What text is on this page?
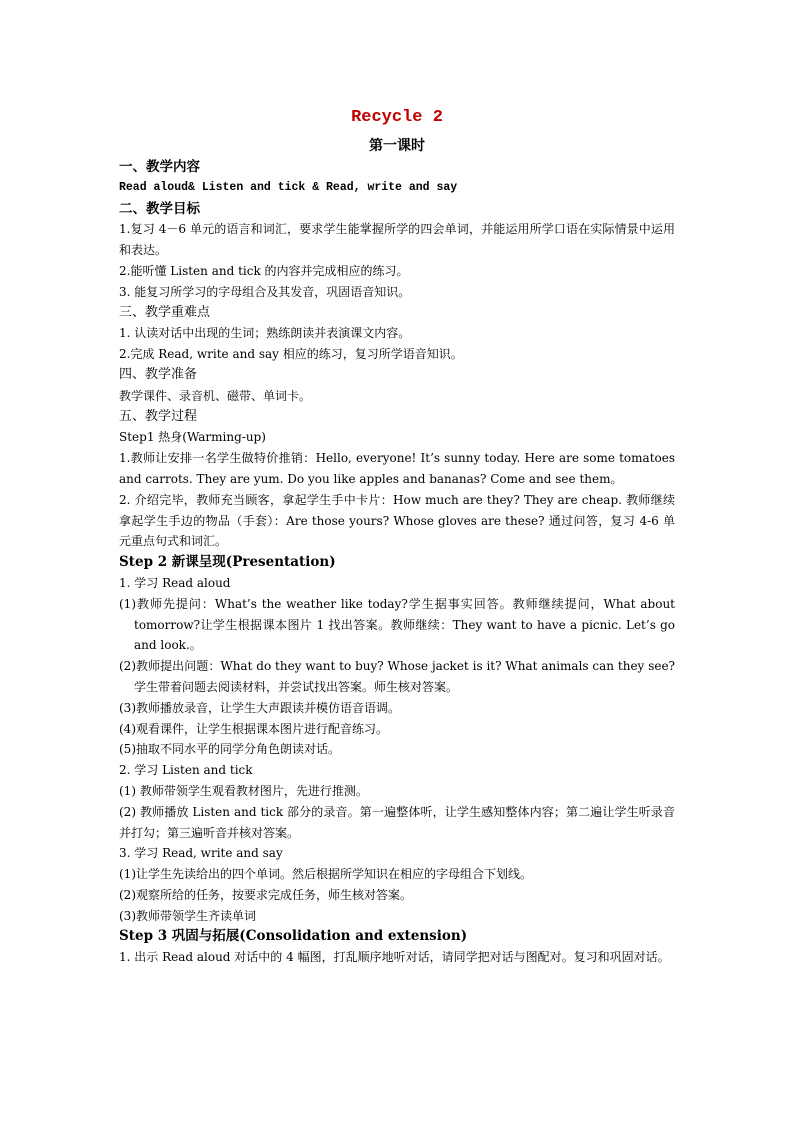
Recycle 2
第一课时

一、教学内容

Read aloud& Listen and tick & Read, write and say

二、教学目标

1.复习 4－6 单元的语言和词汇，要求学生能掌握所学的四会单词，并能运用所学口语在实际情景中运用和表达。

2.能听懂 Listen and tick 的内容并完成相应的练习。

3. 能复习所学习的字母组合及其发音，巩固语音知识。

三、教学重难点

1. 认读对话中出现的生词；熟练朗读并表演课文内容。

2.完成 Read, write and say 相应的练习，复习所学语音知识。

四、教学准备

教学课件、录音机、磁带、单词卡。

五、教学过程

Step1 热身(Warming-up)

1.教师让安排一名学生做特价推销：Hello, everyone! It’s sunny today. Here are some tomatoes and carrots. They are yum. Do you like apples and bananas? Come and see them。

2. 介绍完毕，教师充当顾客，拿起学生手中卡片：How much are they? They are cheap. 教师继续拿起学生手边的物品（手套）：Are those yours? Whose gloves are these? 通过问答，复习 4-6 单元重点句式和词汇。

Step 2 新课呈现(Presentation)

1. 学习 Read aloud

(1)教师先提问：What’s the weather like today?学生据事实回答。教师继续提问，What about tomorrow?让学生根据课本图片 1 找出答案。教师继续：They want to have a picnic. Let’s go and look.。

(2)教师提出问题：What do they want to buy? Whose jacket is it? What animals can they see?学生带着问题去阅读材料，并尝试找出答案。师生核对答案。

(3)教师播放录音，让学生大声跟读并模仿语音语调。

(4)观看课件，让学生根据课本图片进行配音练习。

(5)抽取不同水平的同学分角色朗读对话。

2. 学习 Listen and tick

(1) 教师带领学生观看教材图片，先进行推测。

(2) 教师播放 Listen and tick 部分的录音。第一遍整体听，让学生感知整体内容；第二遍让学生听录音并打勾；第三遍听音并核对答案。

3. 学习 Read, write and say

(1)让学生先读给出的四个单词。然后根据所学知识在相应的字母组合下划线。

(2)观察所给的任务，按要求完成任务，师生核对答案。

(3)教师带领学生齐读单词

Step 3 巩固与拓展(Consolidation and extension)

1. 出示 Read aloud 对话中的 4 幅图，打乱顺序地听对话，请同学把对话与图配对。复习和巩固对话。
